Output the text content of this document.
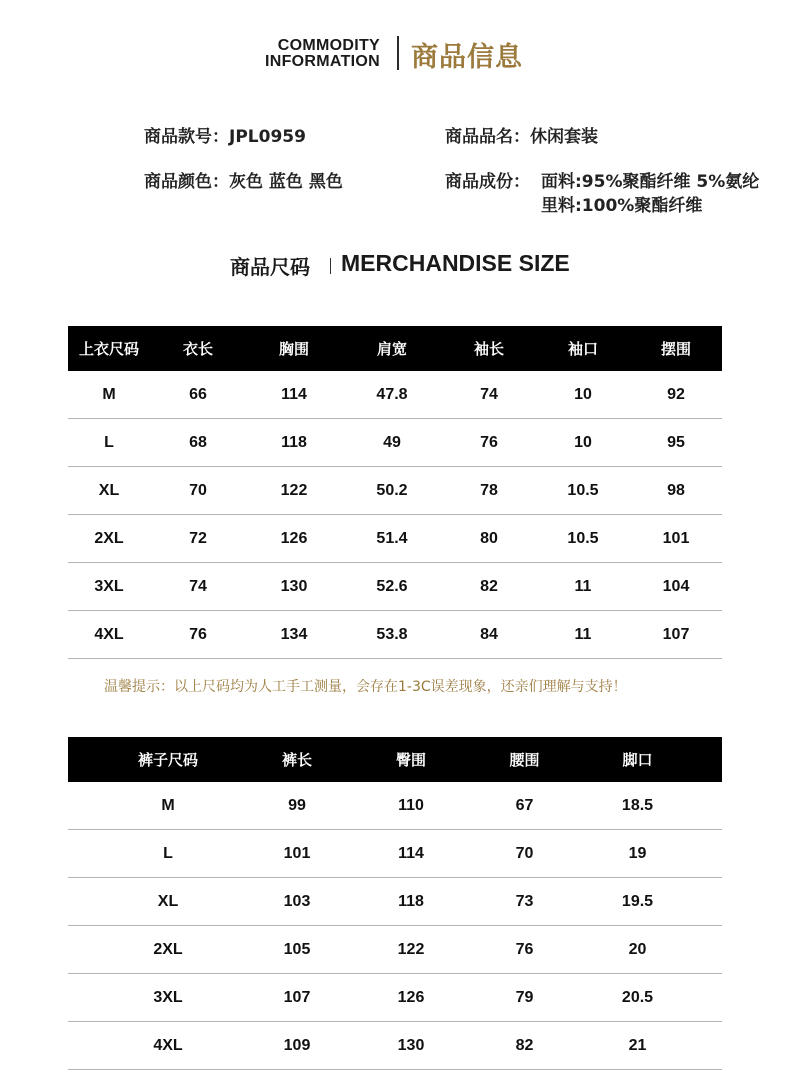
COMMODITY
INFORMATION 商品信息
商品款号：JPL0959	商品品名：休闲套装
商品颜色：灰色 蓝色 黑色	商品成份： 面料:95%聚酯纤维 5%氨纶
里料:100%聚酯纤维
商品尺码 MERCHANDISE SIZE
上衣尺码	衣长	胸围	肩宽	袖长	袖口	摆围
M	66	114	47.8	74	10	92
L	68	118	49	76	10	95
XL	70	122	50.2	78	10.5	98
2XL	72	126	51.4	80	10.5	101
3XL	74	130	52.6	82	11	104
4XL	76	134	53.8	84	11	107
温馨提示：以上尺码均为人工手工测量，会存在1-3C误差现象，还亲们理解与支持！
裤子尺码	裤长	臀围	腰围	脚口
M	99	110	67	18.5
L	101	114	70	19
XL	103	118	73	19.5
2XL	105	122	76	20
3XL	107	126	79	20.5
4XL	109	130	82	21
